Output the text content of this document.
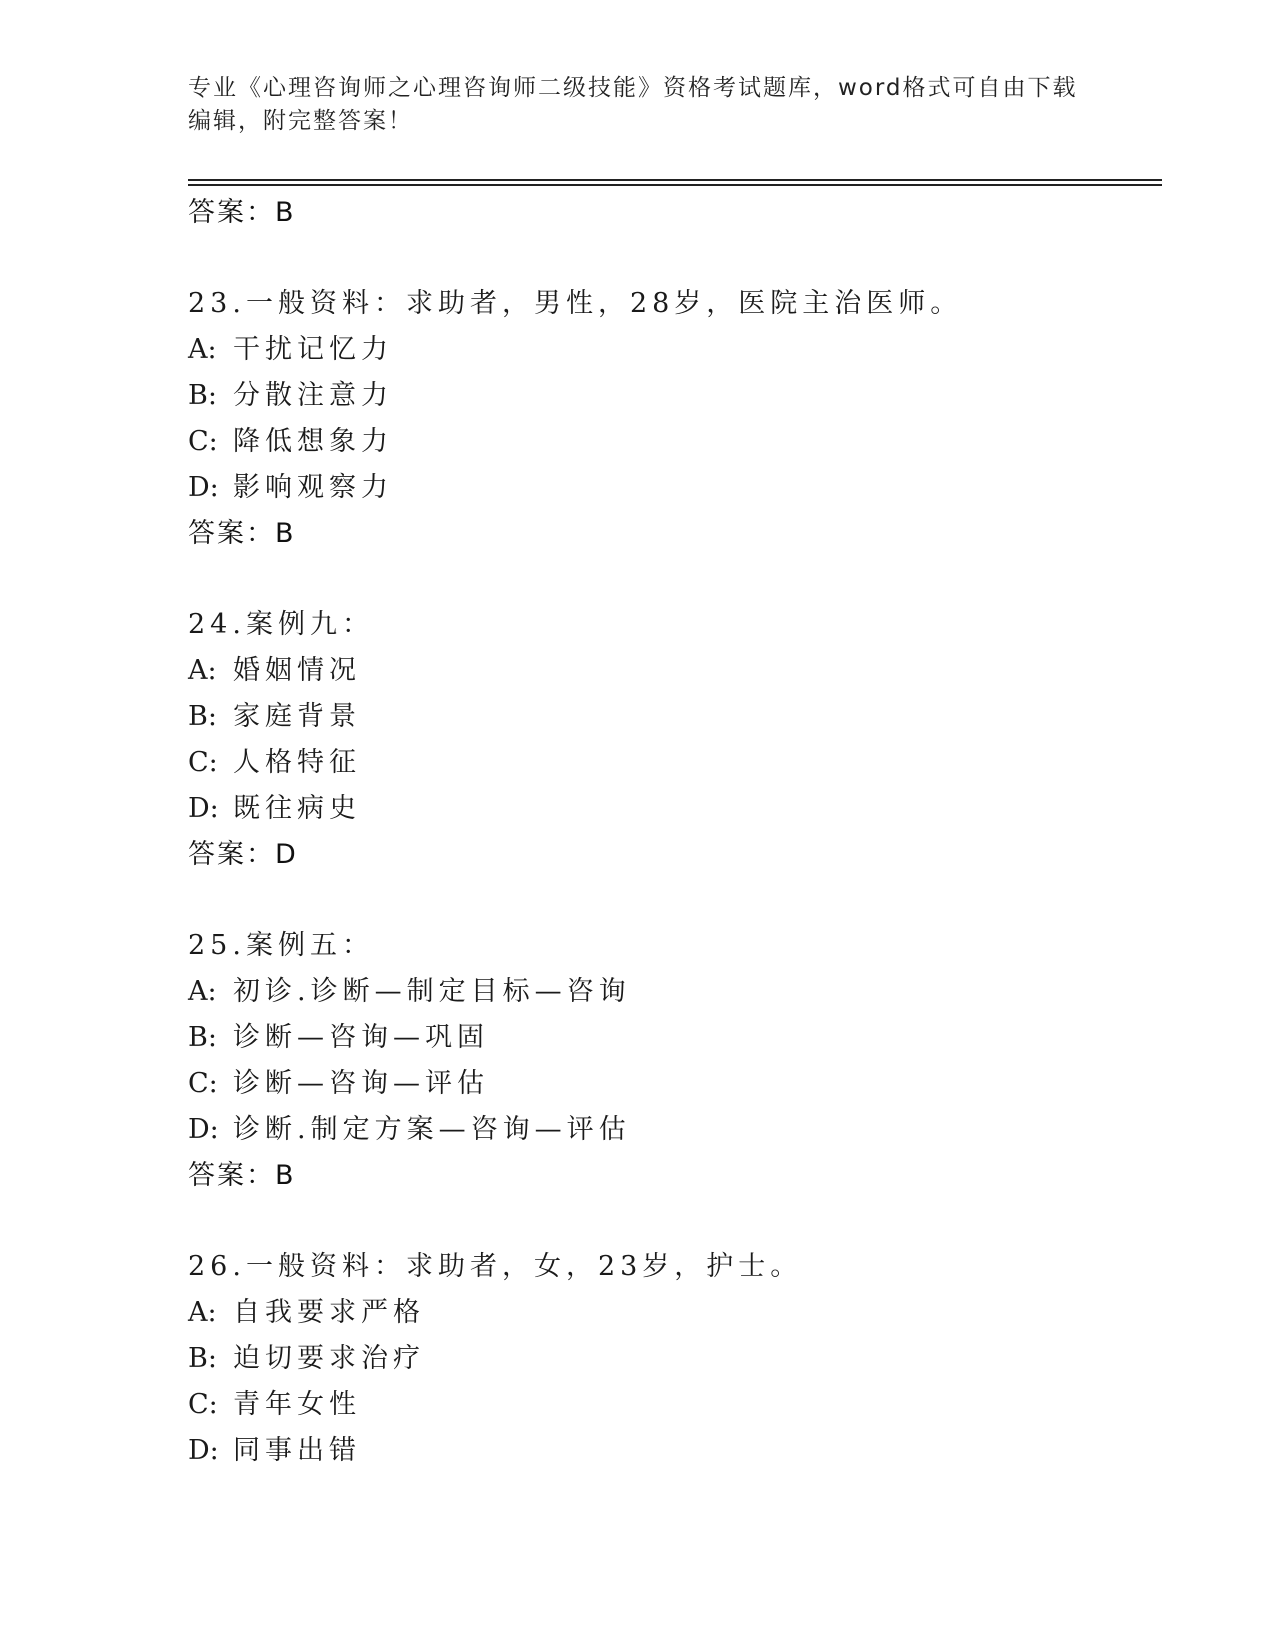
专业《心理咨询师之心理咨询师二级技能》资格考试题库，word格式可自由下载
编辑，附完整答案！
答案：B
23.一般资料：求助者，男性，28岁，医院主治医师。
A: 干扰记忆力
B: 分散注意力
C: 降低想象力
D: 影响观察力
答案：B
24.案例九：
A: 婚姻情况
B: 家庭背景
C: 人格特征
D: 既往病史
答案：D
25.案例五：
A: 初诊.诊断—制定目标—咨询
B: 诊断—咨询—巩固
C: 诊断—咨询—评估
D: 诊断.制定方案—咨询—评估
答案：B
26.一般资料：求助者，女，23岁，护士。
A: 自我要求严格
B: 迫切要求治疗
C: 青年女性
D: 同事出错
